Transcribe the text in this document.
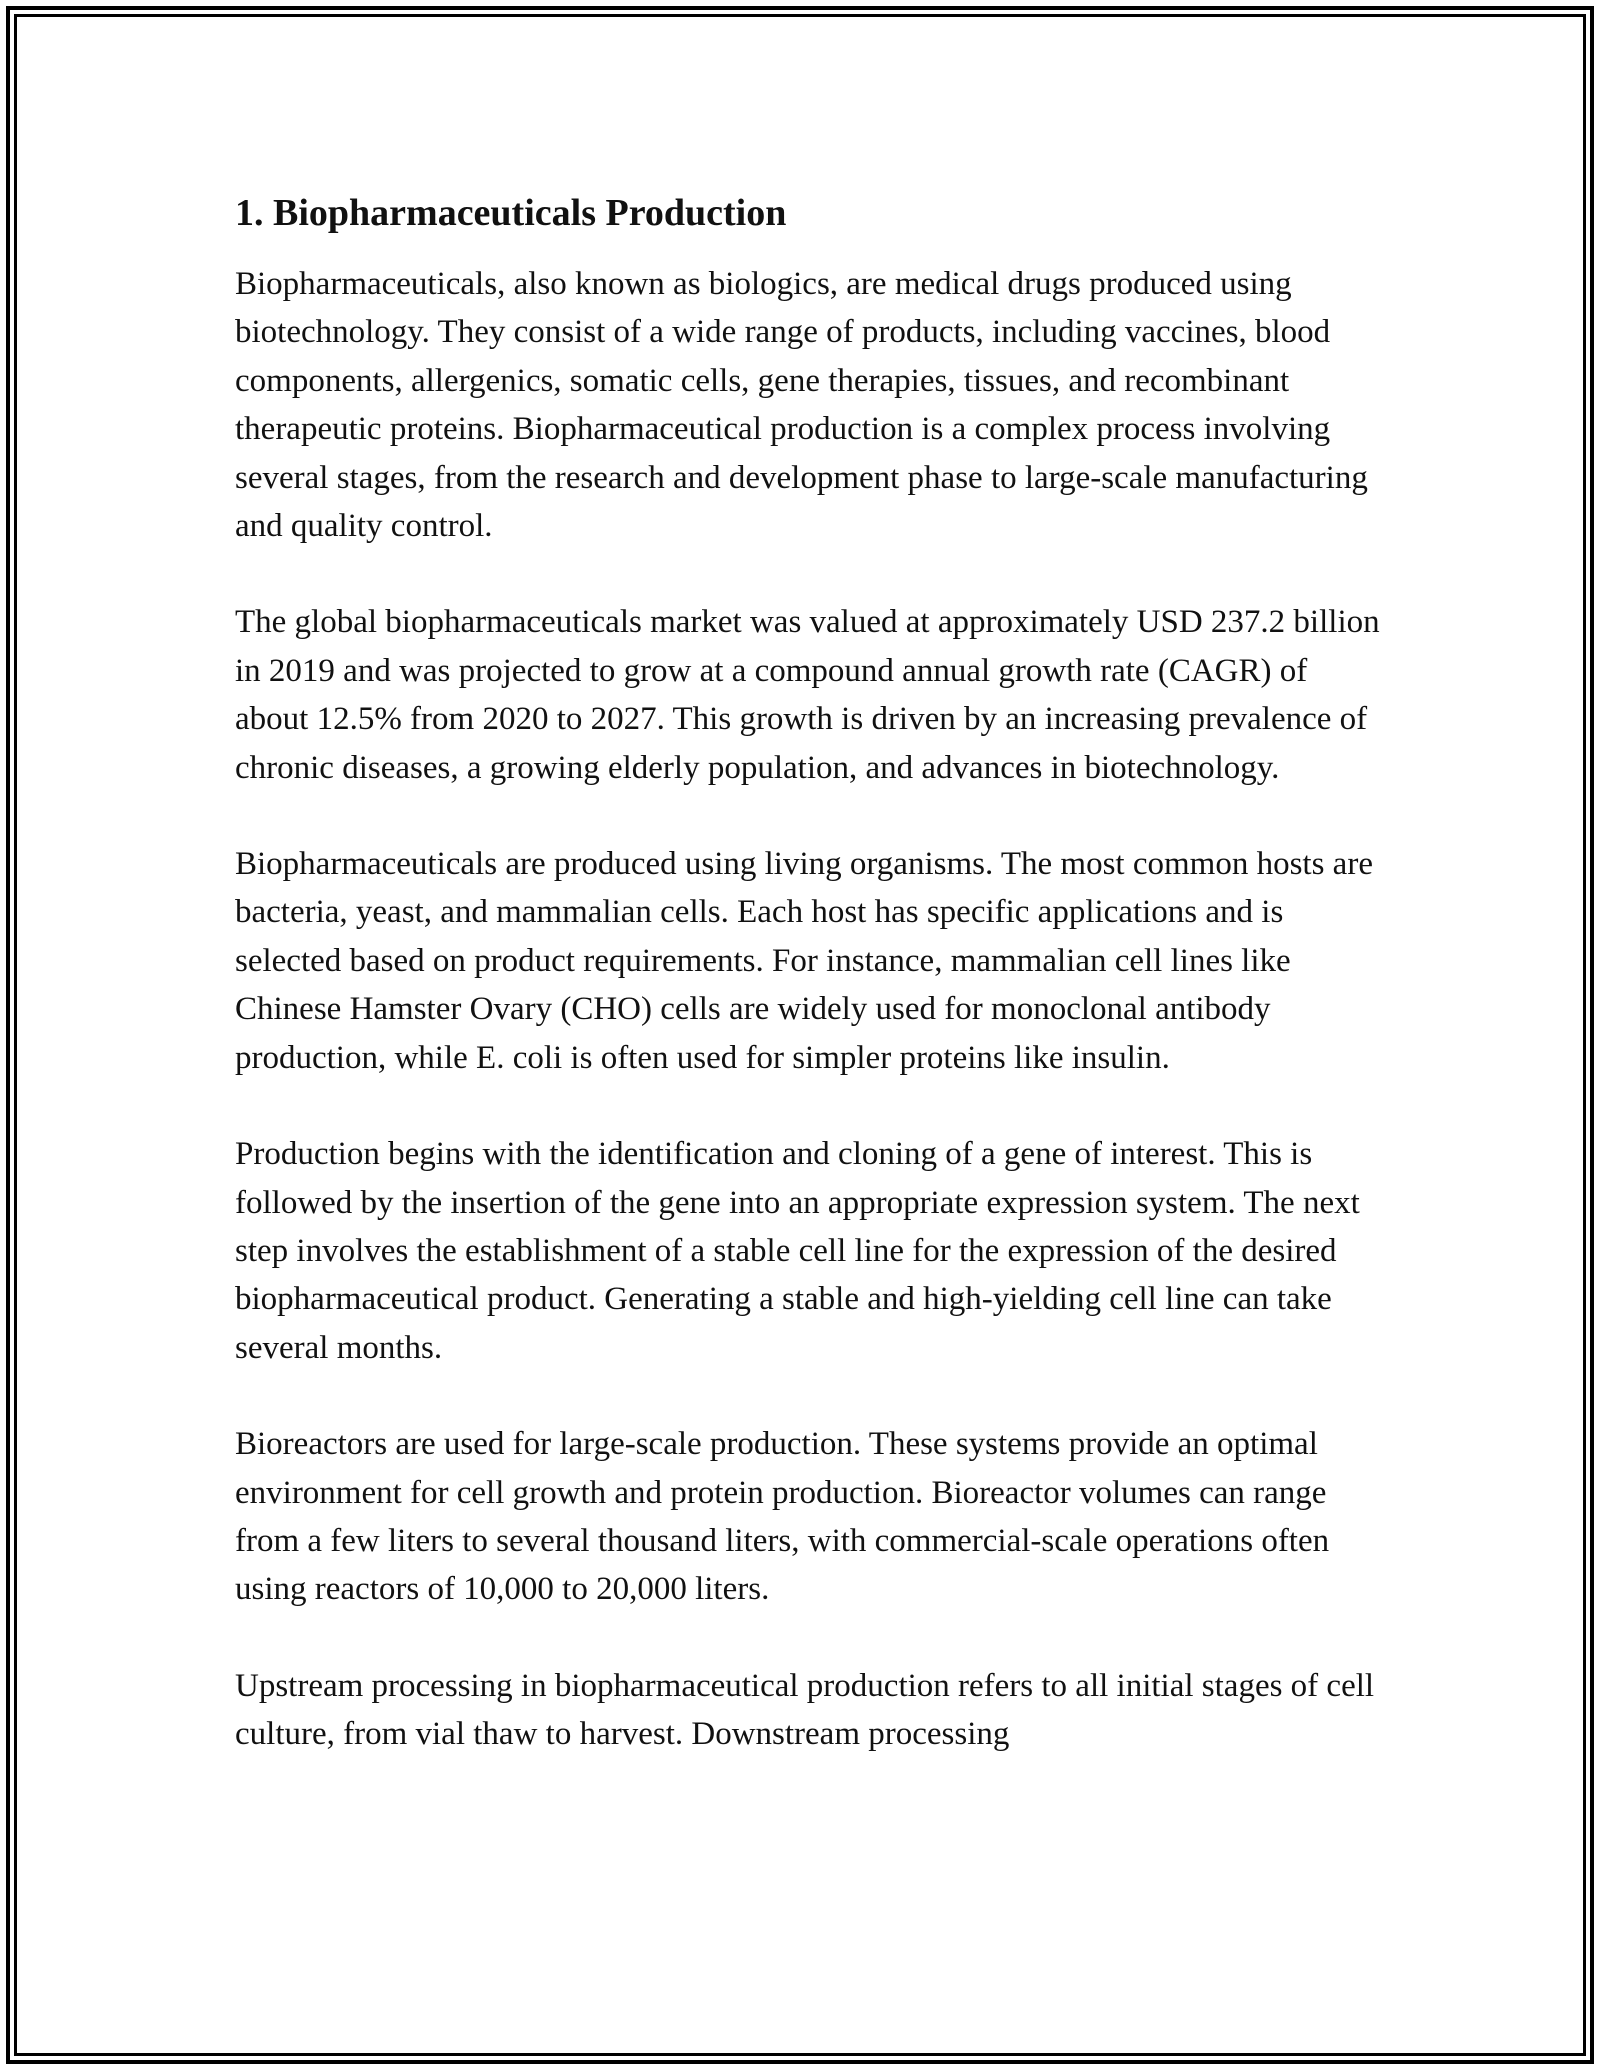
1. Biopharmaceuticals Production

Biopharmaceuticals, also known as biologics, are medical drugs produced using biotechnology. They consist of a wide range of products, including vaccines, blood components, allergenics, somatic cells, gene therapies, tissues, and recombinant therapeutic proteins. Biopharmaceutical production is a complex process involving several stages, from the research and development phase to large-scale manufacturing and quality control.

The global biopharmaceuticals market was valued at approximately USD 237.2 billion in 2019 and was projected to grow at a compound annual growth rate (CAGR) of about 12.5% from 2020 to 2027. This growth is driven by an increasing prevalence of chronic diseases, a growing elderly population, and advances in biotechnology.

Biopharmaceuticals are produced using living organisms. The most common hosts are bacteria, yeast, and mammalian cells. Each host has specific applications and is selected based on product requirements. For instance, mammalian cell lines like Chinese Hamster Ovary (CHO) cells are widely used for monoclonal antibody production, while E. coli is often used for simpler proteins like insulin.

Production begins with the identification and cloning of a gene of interest. This is followed by the insertion of the gene into an appropriate expression system. The next step involves the establishment of a stable cell line for the expression of the desired biopharmaceutical product. Generating a stable and high-yielding cell line can take several months.

Bioreactors are used for large-scale production. These systems provide an optimal environment for cell growth and protein production. Bioreactor volumes can range from a few liters to several thousand liters, with commercial-scale operations often using reactors of 10,000 to 20,000 liters.

Upstream processing in biopharmaceutical production refers to all initial stages of cell culture, from vial thaw to harvest. Downstream processing
